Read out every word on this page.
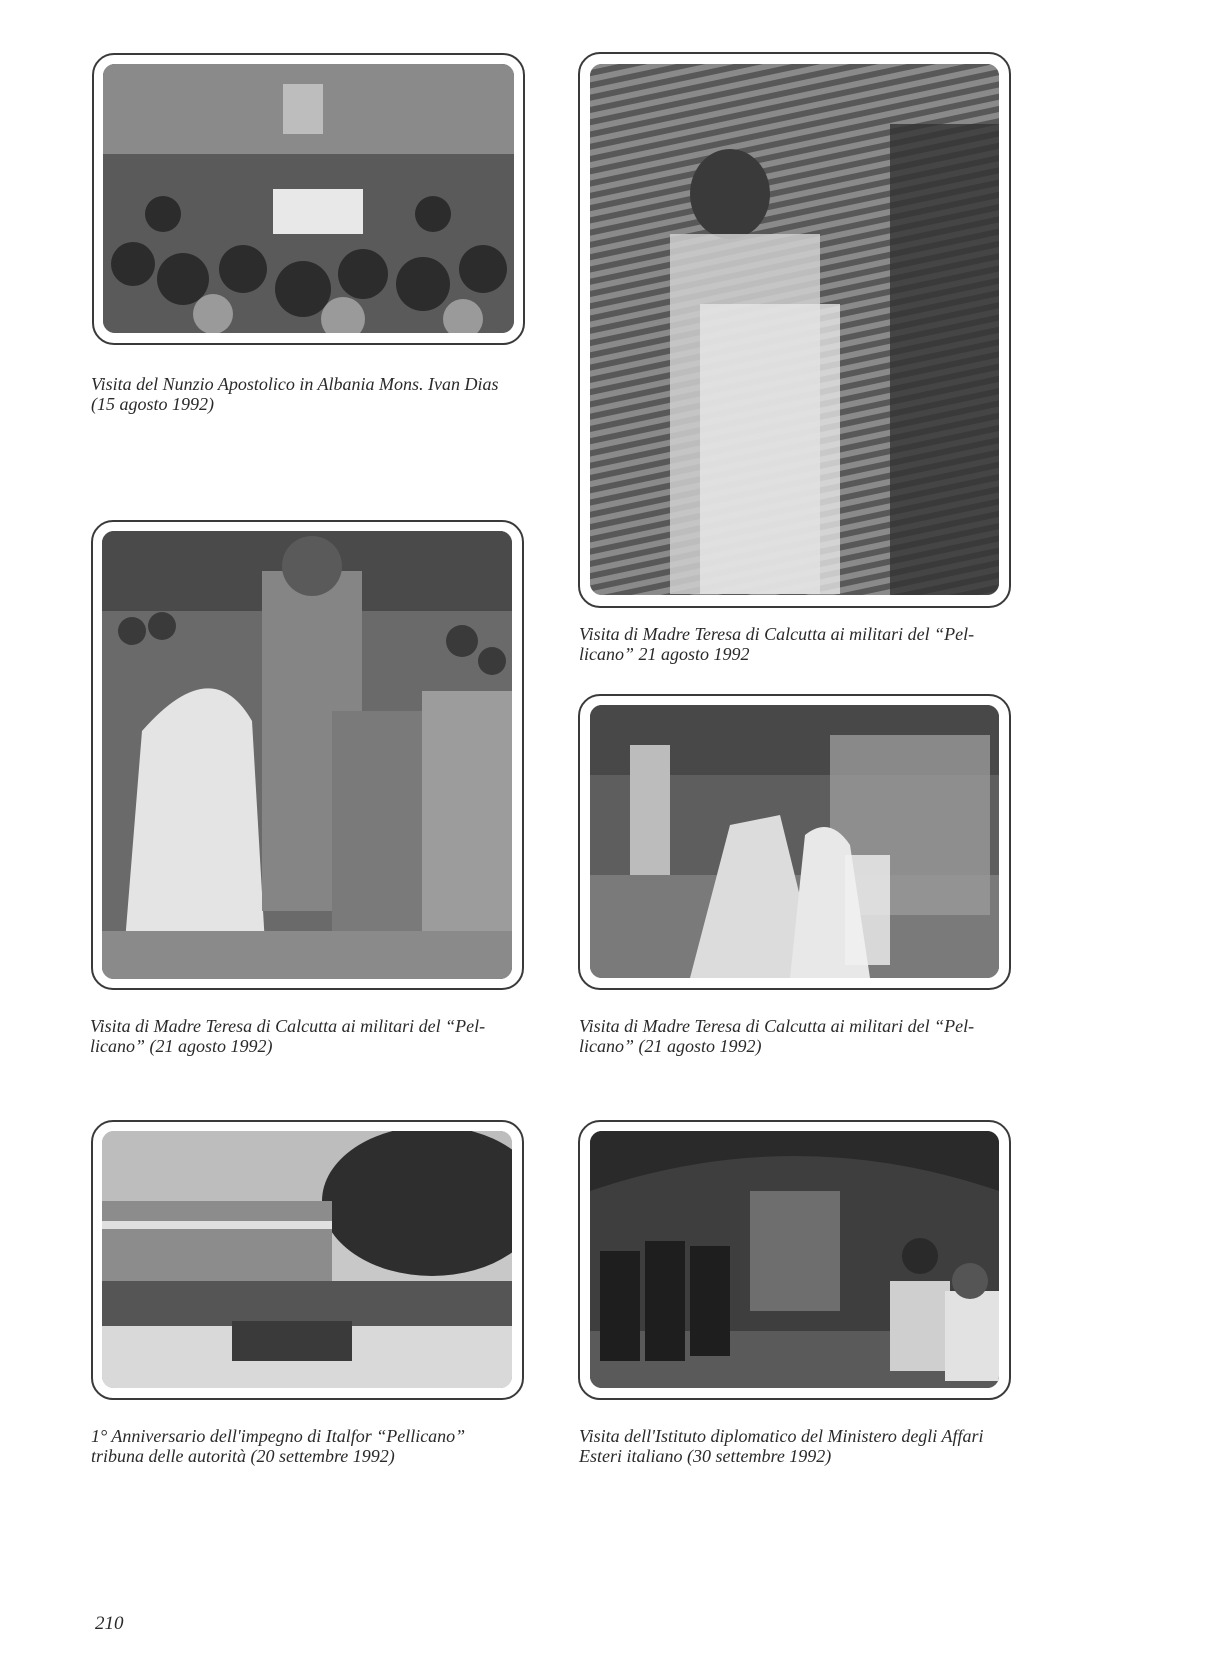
Visita del Nunzio Apostolico in Albania Mons. Ivan Dias
(15 agosto 1992)
Visita di Madre Teresa di Calcutta ai militari del “Pel-
licano” 21 agosto 1992
Visita di Madre Teresa di Calcutta ai militari del “Pel-
licano” (21 agosto 1992)
Visita di Madre Teresa di Calcutta ai militari del “Pel-
licano” (21 agosto 1992)
1° Anniversario dell'impegno di Italfor “Pellicano”
tribuna delle autorità (20 settembre 1992)
Visita dell'Istituto diplomatico del Ministero degli Affari
Esteri italiano (30 settembre 1992)
210
